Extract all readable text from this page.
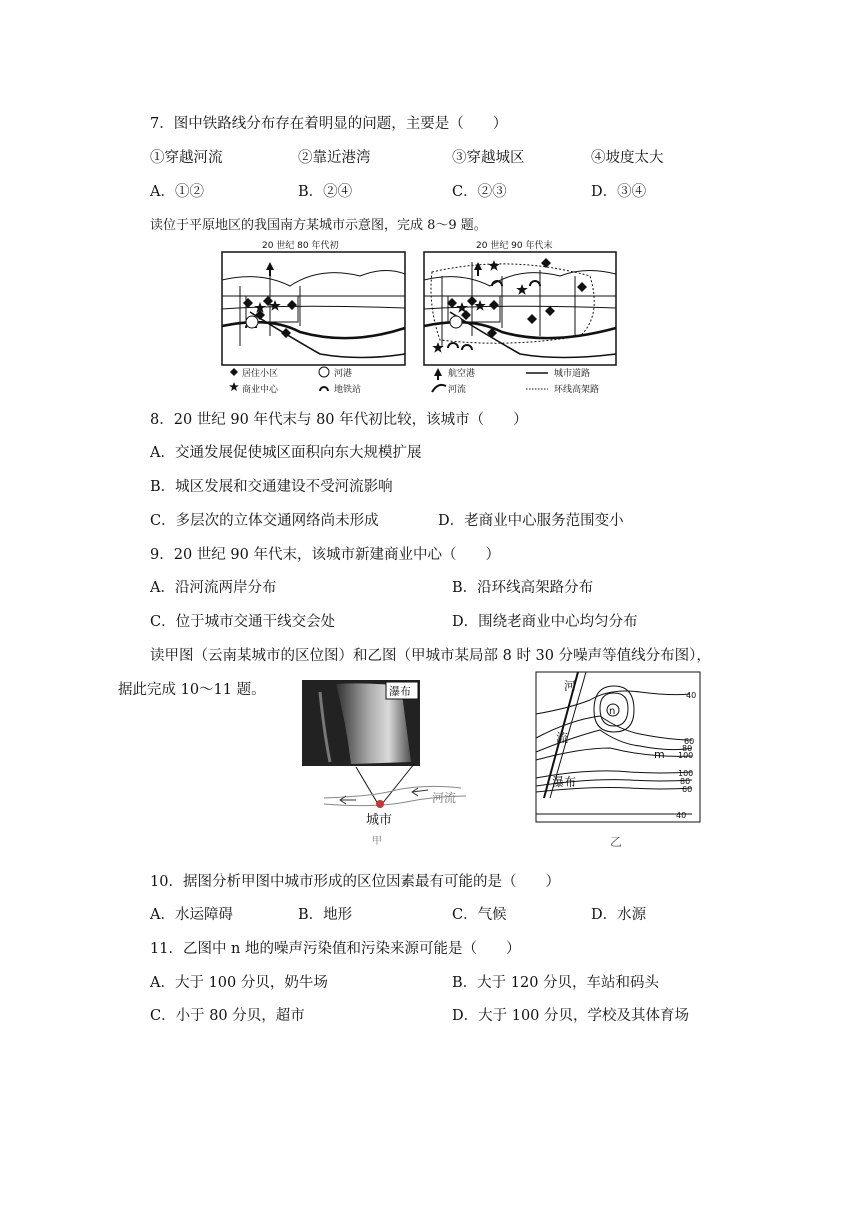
7．图中铁路线分布存在着明显的问题，主要是（　　）
①穿越河流	②靠近港湾	③穿越城区	④坡度太大
A．①②	B．②④	C．②③	D．③④
读位于平原地区的我国南方某城市示意图，完成 8～9 题。
20 世纪 80 年代初	20 世纪 90 年代末
居住小区
商业中心
河港
地铁站
航空港
河流
城市道路
环线高架路
8．20 世纪 90 年代末与 80 年代初比较，该城市（　　）
A．交通发展促使城区面积向东大规模扩展
B．城区发展和交通建设不受河流影响
C．多层次的立体交通网络尚未形成	D．老商业中心服务范围变小
9．20 世纪 90 年代末，该城市新建商业中心（　　）
A．沿河流两岸分布	B．沿环线高架路分布
C．位于城市交通干线交会处	D．围绕老商业中心均匀分布
读甲图（云南某城市的区位图）和乙图（甲城市某局部 8 时 30 分噪声等值线分布图），
据此完成 10～11 题。	瀑布
河流
城市
甲
n
m
河
流
瀑布
40
60
80
100
100
80
60
40
乙
10．据图分析甲图中城市形成的区位因素最有可能的是（　　）
A．水运障碍	B．地形	C．气候	D．水源
11．乙图中 n 地的噪声污染值和污染来源可能是（　　）
A．大于 100 分贝，奶牛场	B．大于 120 分贝，车站和码头
C．小于 80 分贝，超市	D．大于 100 分贝，学校及其体育场
